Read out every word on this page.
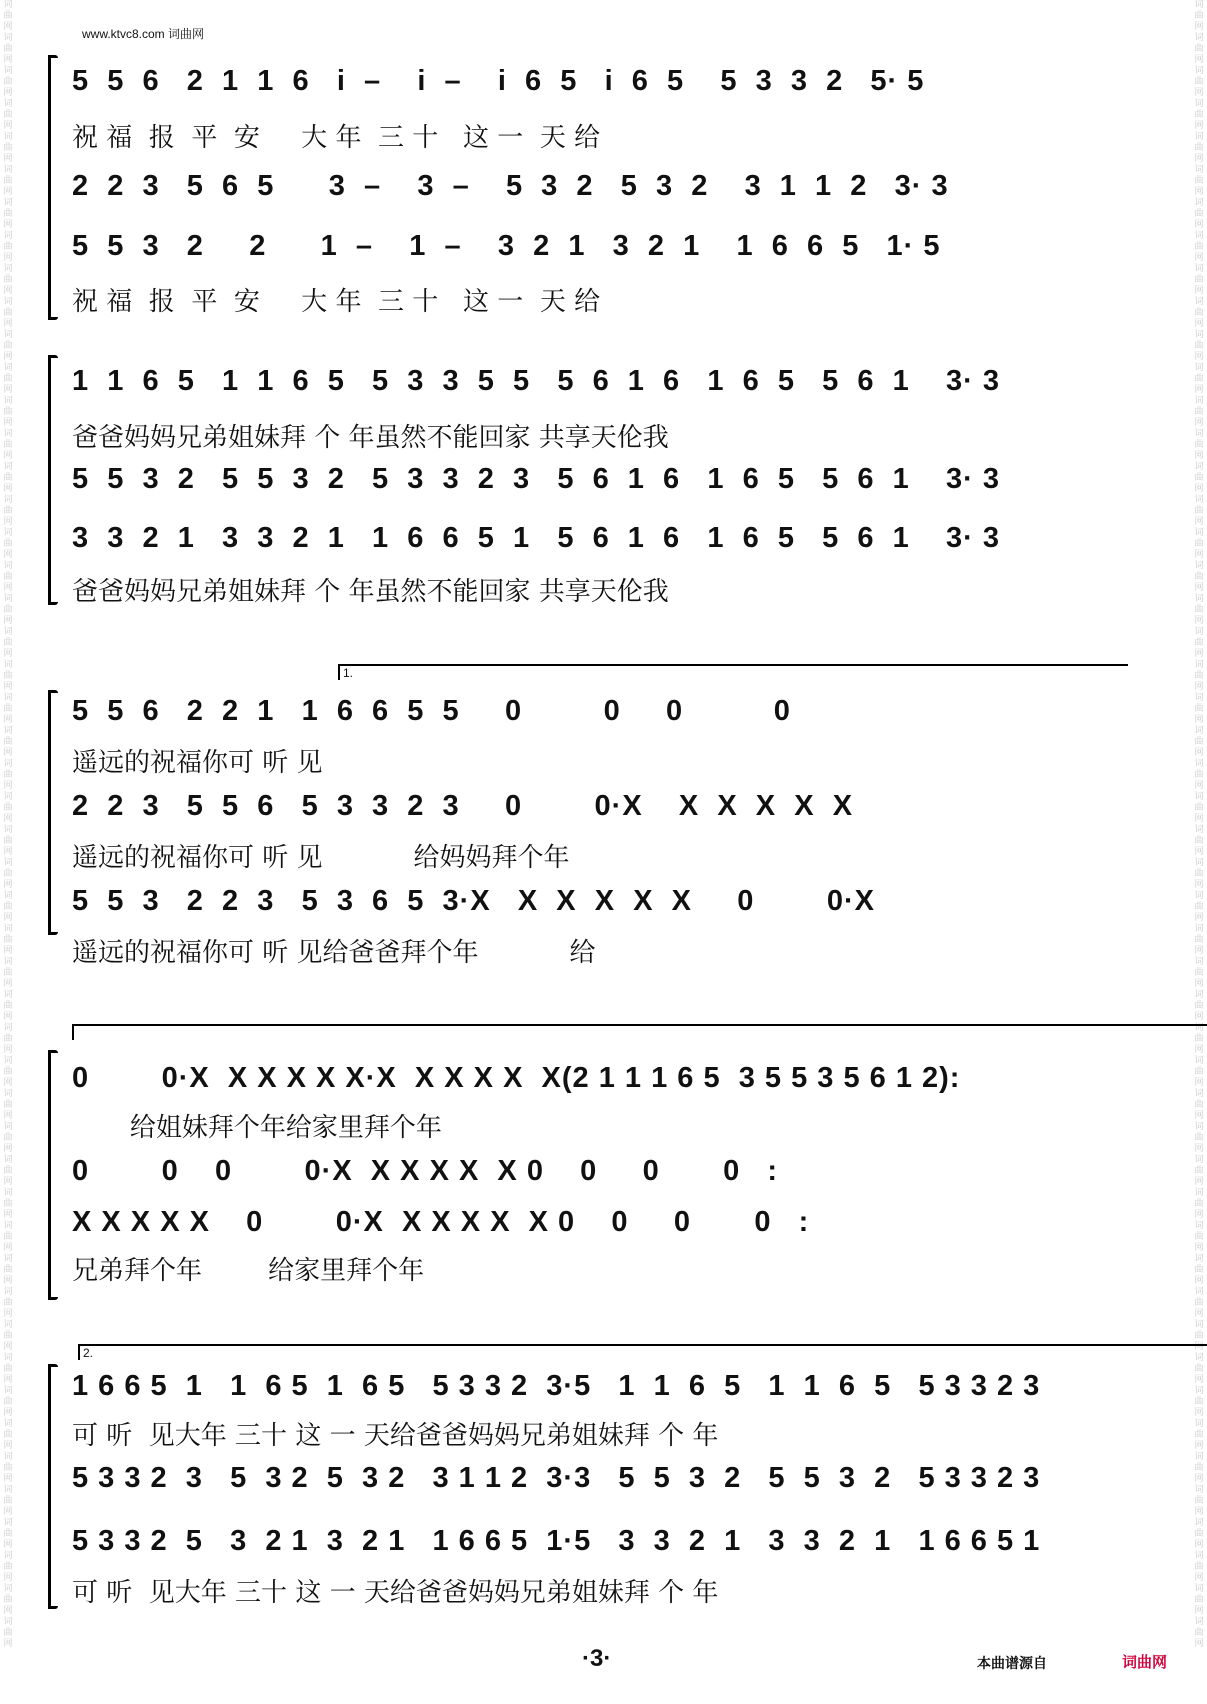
词
曲
网
词
曲
网
词
曲
网
词
曲
网
词
曲
网
词
曲
网
词
曲
网
词
曲
网
词
曲
网
词
曲
网
词
曲
网
词
曲
网
词
曲
网
词
曲
网
词
曲
网
词
曲
网
词
曲
网
词
曲
网
词
曲
网
词
曲
网
词
曲
网
词
曲
网
词
曲
网
词
曲
网
词
曲
网
词
曲
网
词
曲
网
词
曲
网
词
曲
网
词
曲
网
词
曲
网
词
曲
网
词
曲
网
词
曲
网
词
曲
网
词
曲
网
词
曲
网
词
曲
网
词
曲
网
词
曲
网
词
曲
网
词
曲
网
词
曲
网
词
曲
网
词
曲
网
词
曲
网
词
曲
网
词
曲
网
词
曲
网
词
曲
网
词
曲
网
词
曲
网
词
曲
网
词
曲
网
词
曲
网
词
曲
网
词
曲
网
词
曲
网
词
曲
网
词
曲
网
词
曲
网
词
曲
网
词
曲
网
词
曲
网
词
曲
网
词
曲
网
词
曲
网
词
曲
网
词
曲
网
词
曲
网
词
曲
网
词
曲
网
词
曲
网
词
曲
网
词
曲
网
词
曲
网
词
曲
网
词
曲
网
词
曲
网
词
曲
网
词
曲
网
词
曲
网
词
曲
网
词
曲
网
词
曲
网
词
曲
网
词
曲
网
词
曲
网
词
曲
网
词
曲
网
词
曲
网
词
曲
网
词
曲
网
词
曲
网
词
曲
网
词
曲
网
词
曲
网
词
曲
网
词
曲
网
词
曲
网
www.ktvc8.com 词曲网
5  5  6   2  1  1  6   i  –    i  –    i  6  5   i  6  5    5  3  3  2   5· 5
祝 福  报  平  安     大 年  三 十   这 一  天 给
2  2  3   5  6  5      3  –    3  –    5  3  2   5  3  2    3  1  1  2   3· 3
5  5  3   2     2      1  –    1  –    3  2  1   3  2  1    1  6  6  5   1· 5
祝 福  报  平  安     大 年  三 十   这 一  天 给
1  1  6  5   1  1  6  5   5  3  3  5  5   5  6  1  6   1  6  5   5  6  1    3· 3
爸爸妈妈兄弟姐妹拜 个 年虽然不能回家 共享天伦我
5  5  3  2   5  5  3  2   5  3  3  2  3   5  6  1  6   1  6  5   5  6  1    3· 3
3  3  2  1   3  3  2  1   1  6  6  5  1   5  6  1  6   1  6  5   5  6  1    3· 3
爸爸妈妈兄弟姐妹拜 个 年虽然不能回家 共享天伦我
1.
5  5  6   2  2  1   1  6  6  5  5     0         0     0          0
遥远的祝福你可 听 见
2  2  3   5  5  6   5  3  3  2  3     0        0·X    X  X  X  X  X
遥远的祝福你可 听 见           给妈妈拜个年
5  5  3   2  2  3   5  3  6  5  3·X   X  X  X  X  X     0        0·X
遥远的祝福你可 听 见给爸爸拜个年           给
0        0·X  X X X X X·X  X X X X  X(2 1 1 1 6 5  3 5 5 3 5 6 1 2):
给姐妹拜个年给家里拜个年
0        0    0        0·X  X X X X  X 0    0     0       0   :
X X X X X    0        0·X  X X X X  X 0    0     0       0   :
兄弟拜个年        给家里拜个年
2.
1 6 6 5  1   1  6 5  1  6 5   5 3 3 2  3·5   1  1  6  5   1  1  6  5   5 3 3 2 3
可 听  见大年 三十 这 一 天给爸爸妈妈兄弟姐妹拜 个 年
5 3 3 2  3   5  3 2  5  3 2   3 1 1 2  3·3   5  5  3  2   5  5  3  2   5 3 3 2 3
5 3 3 2  5   3  2 1  3  2 1   1 6 6 5  1·5   3  3  2  1   3  3  2  1   1 6 6 5 1
可 听  见大年 三十 这 一 天给爸爸妈妈兄弟姐妹拜 个 年
·3·	本曲谱源自	词曲网
